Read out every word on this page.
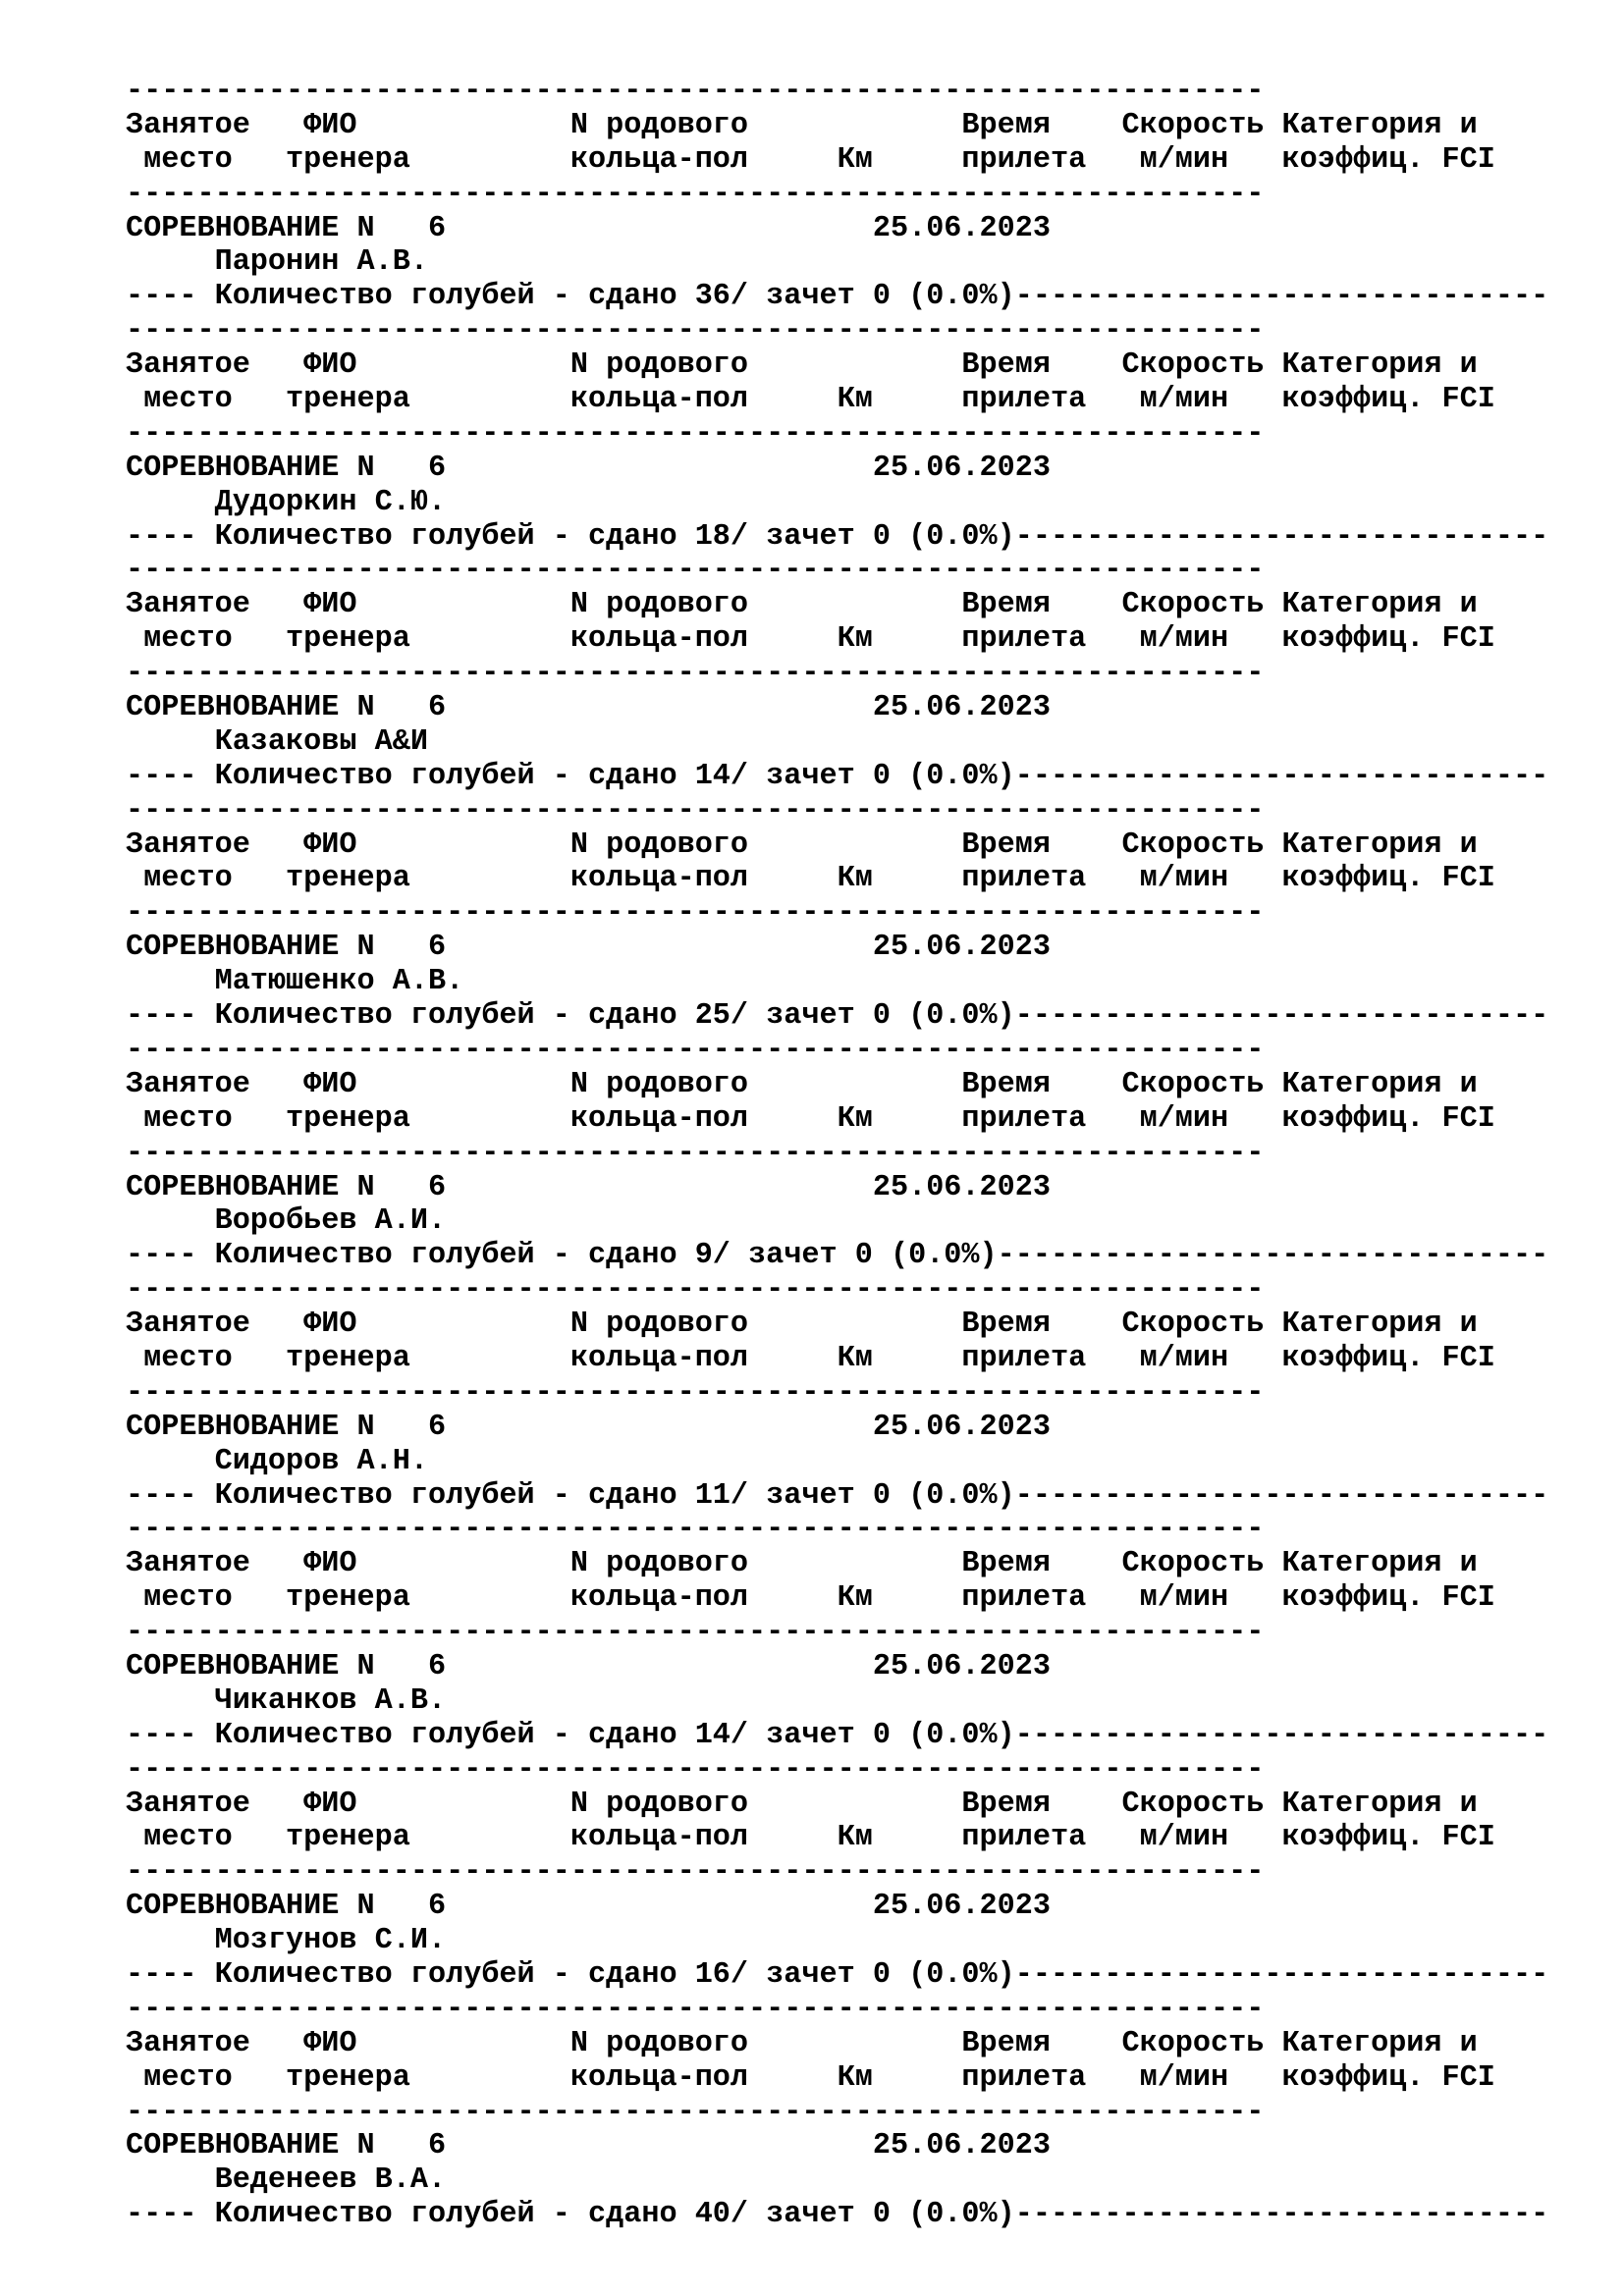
----------------------------------------------------------------
Занятое   ФИО            N родового            Время    Скорость Категория и
место   тренера         кольца-пол     Км     прилета   м/мин   коэффиц. FCI
----------------------------------------------------------------
СОРЕВНОВАНИЕ N   6                        25.06.2023
Паронин А.В.
---- Количество голубей - сдано 36/ зачет 0 (0.0%)------------------------------
----------------------------------------------------------------
Занятое   ФИО            N родового            Время    Скорость Категория и
место   тренера         кольца-пол     Км     прилета   м/мин   коэффиц. FCI
----------------------------------------------------------------
СОРЕВНОВАНИЕ N   6                        25.06.2023
Дудоркин С.Ю.
---- Количество голубей - сдано 18/ зачет 0 (0.0%)------------------------------
----------------------------------------------------------------
Занятое   ФИО            N родового            Время    Скорость Категория и
место   тренера         кольца-пол     Км     прилета   м/мин   коэффиц. FCI
----------------------------------------------------------------
СОРЕВНОВАНИЕ N   6                        25.06.2023
Казаковы А&И
---- Количество голубей - сдано 14/ зачет 0 (0.0%)------------------------------
----------------------------------------------------------------
Занятое   ФИО            N родового            Время    Скорость Категория и
место   тренера         кольца-пол     Км     прилета   м/мин   коэффиц. FCI
----------------------------------------------------------------
СОРЕВНОВАНИЕ N   6                        25.06.2023
Матюшенко А.В.
---- Количество голубей - сдано 25/ зачет 0 (0.0%)------------------------------
----------------------------------------------------------------
Занятое   ФИО            N родового            Время    Скорость Категория и
место   тренера         кольца-пол     Км     прилета   м/мин   коэффиц. FCI
----------------------------------------------------------------
СОРЕВНОВАНИЕ N   6                        25.06.2023
Воробьев А.И.
---- Количество голубей - сдано 9/ зачет 0 (0.0%)-------------------------------
----------------------------------------------------------------
Занятое   ФИО            N родового            Время    Скорость Категория и
место   тренера         кольца-пол     Км     прилета   м/мин   коэффиц. FCI
----------------------------------------------------------------
СОРЕВНОВАНИЕ N   6                        25.06.2023
Сидоров А.Н.
---- Количество голубей - сдано 11/ зачет 0 (0.0%)------------------------------
----------------------------------------------------------------
Занятое   ФИО            N родового            Время    Скорость Категория и
место   тренера         кольца-пол     Км     прилета   м/мин   коэффиц. FCI
----------------------------------------------------------------
СОРЕВНОВАНИЕ N   6                        25.06.2023
Чиканков А.В.
---- Количество голубей - сдано 14/ зачет 0 (0.0%)------------------------------
----------------------------------------------------------------
Занятое   ФИО            N родового            Время    Скорость Категория и
место   тренера         кольца-пол     Км     прилета   м/мин   коэффиц. FCI
----------------------------------------------------------------
СОРЕВНОВАНИЕ N   6                        25.06.2023
Мозгунов С.И.
---- Количество голубей - сдано 16/ зачет 0 (0.0%)------------------------------
----------------------------------------------------------------
Занятое   ФИО            N родового            Время    Скорость Категория и
место   тренера         кольца-пол     Км     прилета   м/мин   коэффиц. FCI
----------------------------------------------------------------
СОРЕВНОВАНИЕ N   6                        25.06.2023
Веденеев В.А.
---- Количество голубей - сдано 40/ зачет 0 (0.0%)------------------------------
